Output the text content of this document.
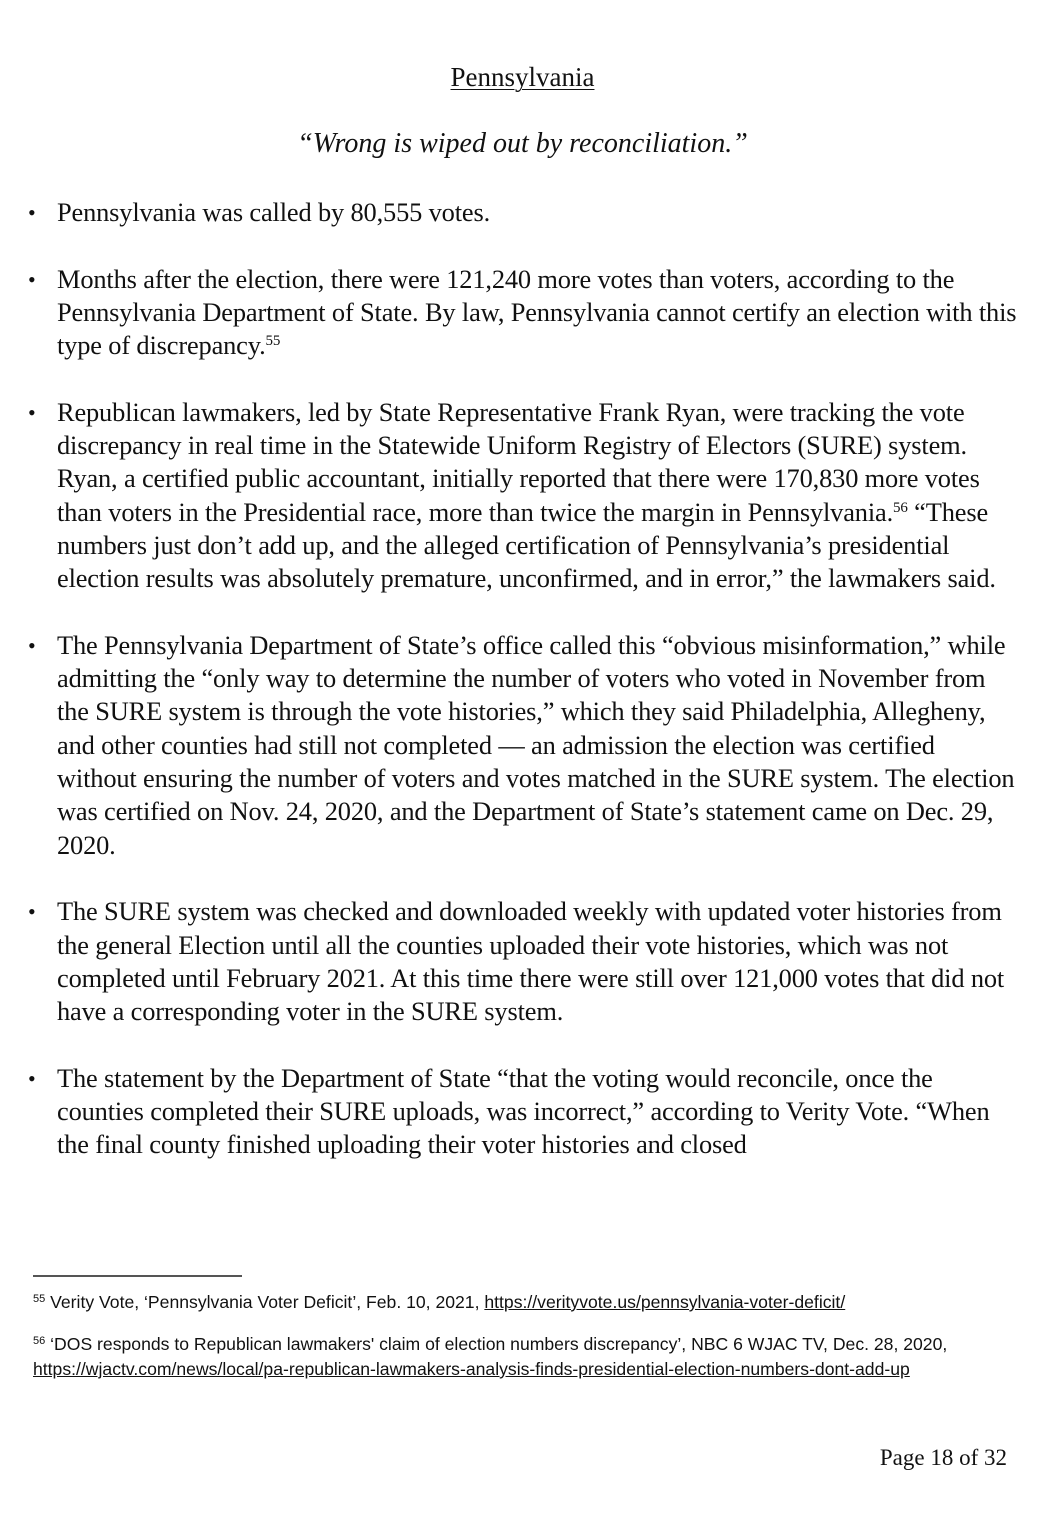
Pennsylvania
“Wrong is wiped out by reconciliation.”
• Pennsylvania was called by 80,555 votes.
• Months after the election, there were 121,240 more votes than voters, according to the Pennsylvania Department of State. By law, Pennsylvania cannot certify an election with this type of discrepancy.$^{55}$
• Republican lawmakers, led by State Representative Frank Ryan, were tracking the vote discrepancy in real time in the Statewide Uniform Registry of Electors (SURE) system. Ryan, a certified public accountant, initially reported that there were 170,830 more votes than voters in the Presidential race, more than twice the margin in Pennsylvania.$^{56}$ “These numbers just don’t add up, and the alleged certification of Pennsylvania’s presidential election results was absolutely premature, unconfirmed, and in error,” the lawmakers said.
• The Pennsylvania Department of State’s office called this “obvious misinformation,” while admitting the “only way to determine the number of voters who voted in November from the SURE system is through the vote histories,” which they said Philadelphia, Allegheny, and other counties had still not completed — an admission the election was certified without ensuring the number of voters and votes matched in the SURE system. The election was certified on Nov. 24, 2020, and the Department of State’s statement came on Dec. 29, 2020.
• The SURE system was checked and downloaded weekly with updated voter histories from the general Election until all the counties uploaded their vote histories, which was not completed until February 2021. At this time there were still over 121,000 votes that did not have a corresponding voter in the SURE system.
• The statement by the Department of State “that the voting would reconcile, once the counties completed their SURE uploads, was incorrect,” according to Verity Vote. “When the final county finished uploading their voter histories and closed
$^{55}$ Verity Vote, ‘Pennsylvania Voter Deficit’, Feb. 10, 2021, https://verityvote.us/pennsylvania-voter-deficit/
$^{56}$ ‘DOS responds to Republican lawmakers' claim of election numbers discrepancy’, NBC 6 WJAC TV, Dec. 28, 2020, https://wjactv.com/news/local/pa-republican-lawmakers-analysis-finds-presidential-election-numbers-dont-add-up
Page 18 of 32
